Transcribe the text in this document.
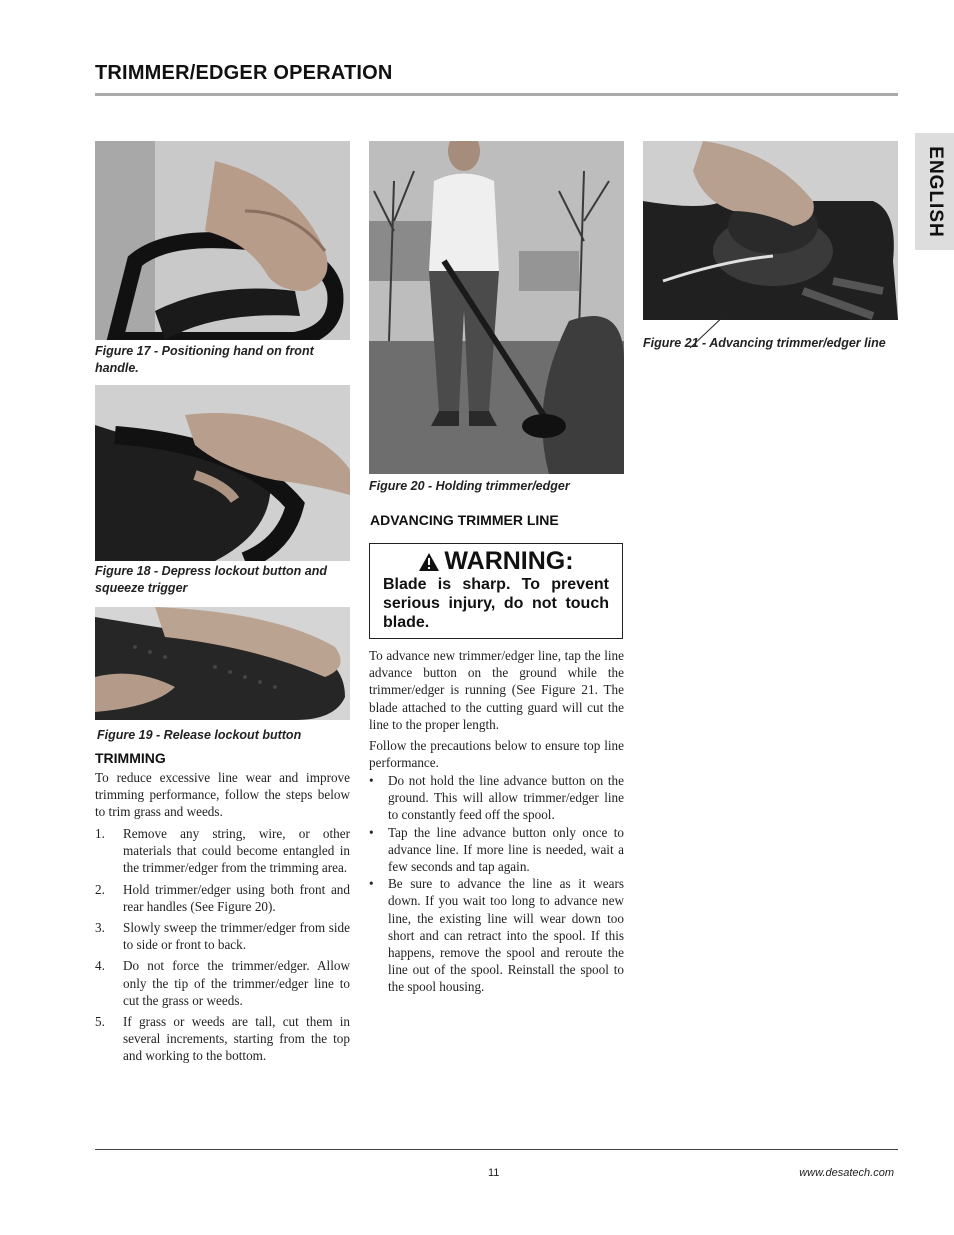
TRIMMER/EDGER OPERATION
ENGLISH

Figure 17 - Positioning hand on front handle.

Figure 18 - Depress lockout button and squeeze trigger

Figure 19 - Release lockout button

TRIMMING

To reduce excessive line wear and improve trimming performance, follow the steps below to trim grass and weeds.

1. Remove any string, wire, or other materials that could become entangled in the trimmer/edger from the trimming area.
2. Hold trimmer/edger using both front and rear handles (See Figure 20).
3. Slowly sweep the trimmer/edger from side to side or front to back.
4. Do not force the trimmer/edger. Allow only the tip of the trimmer/edger line to cut the grass or weeds.
5. If grass or weeds are tall, cut them in several increments, starting from the top and working to the bottom.

Figure 20 - Holding trimmer/edger

ADVANCING TRIMMER LINE
WARNING:

Blade is sharp. To prevent serious injury, do not touch blade.

To advance new trimmer/edger line, tap the line advance button on the ground while the trimmer/edger is running (See Figure 21. The blade attached to the cutting guard will cut the line to the proper length.

Follow the precautions below to ensure top line performance.

• Do not hold the line advance button on the ground. This will allow trimmer/edger line to constantly feed off the spool.
• Tap the line advance button only once to advance line. If more line is needed, wait a few seconds and tap again.
• Be sure to advance the line as it wears down. If you wait too long to advance new line, the existing line will wear down too short and can retract into the spool. If this happens, remove the spool and reroute the line out of the spool. Reinstall the spool to the spool housing.

Figure 21 - Advancing trimmer/edger line

11	www.desatech.com
